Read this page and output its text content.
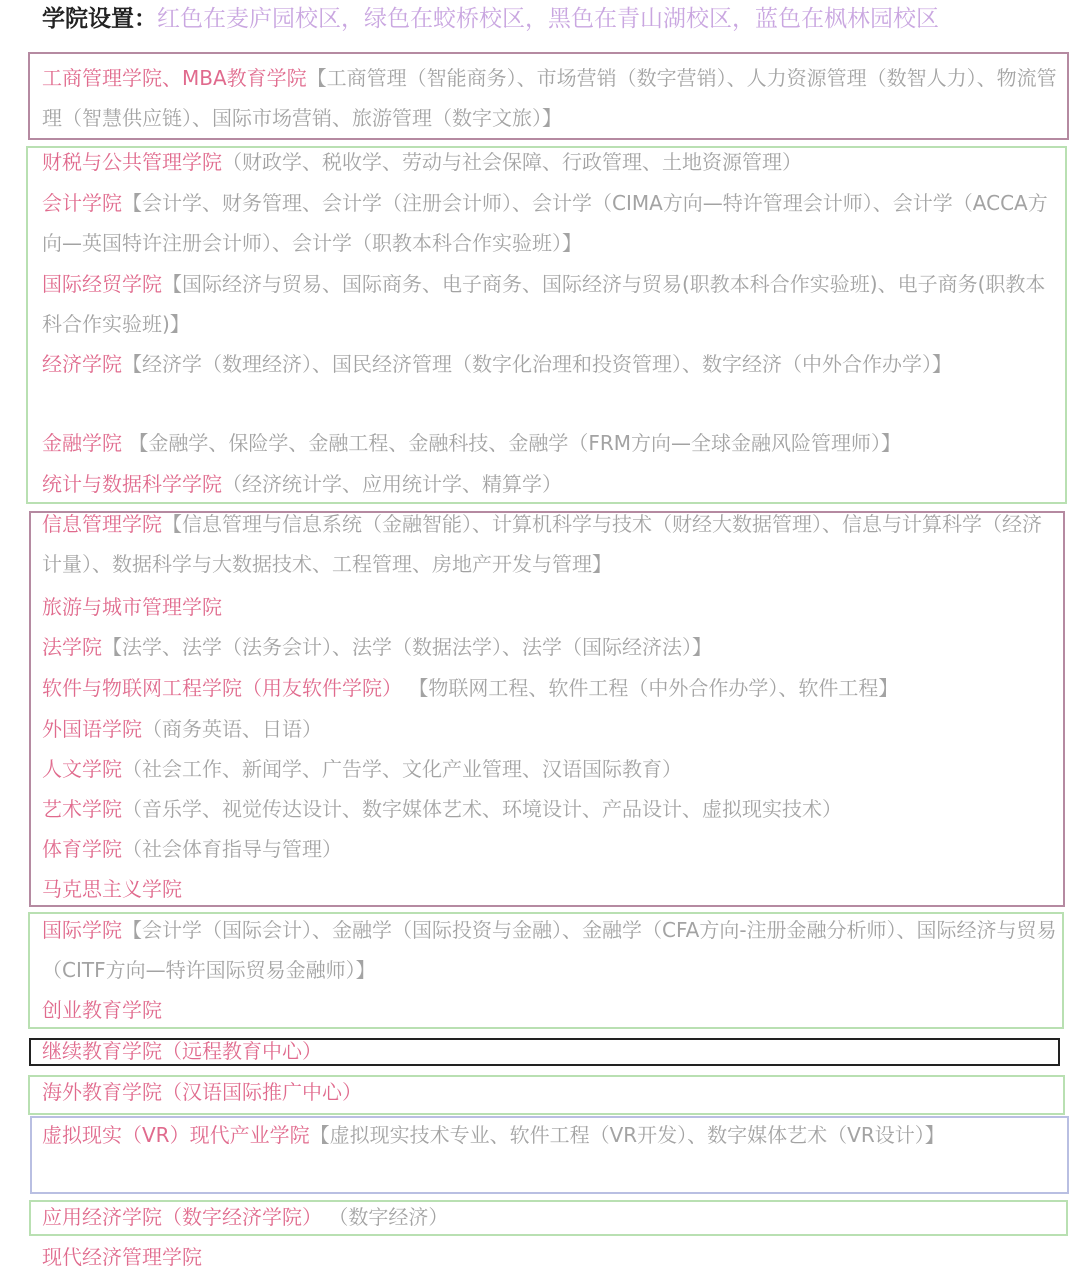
学院设置：红色在麦庐园校区，绿色在蛟桥校区，黑色在青山湖校区，蓝色在枫林园校区
工商管理学院、MBA教育学院【工商管理（智能商务）、市场营销（数字营销）、人力资源管理（数智人力）、物流管理（智慧供应链）、国际市场营销、旅游管理（数字文旅）】
财税与公共管理学院（财政学、税收学、劳动与社会保障、行政管理、土地资源管理）
会计学院【会计学、财务管理、会计学（注册会计师）、会计学（CIMA方向—特许管理会计师）、会计学（ACCA方向—英国特许注册会计师）、会计学（职教本科合作实验班）】
国际经贸学院【国际经济与贸易、国际商务、电子商务、国际经济与贸易(职教本科合作实验班)、电子商务(职教本科合作实验班)】
经济学院【经济学（数理经济）、国民经济管理（数字化治理和投资管理）、数字经济（中外合作办学）】
金融学院 【金融学、保险学、金融工程、金融科技、金融学（FRM方向—全球金融风险管理师）】
统计与数据科学学院（经济统计学、应用统计学、精算学）
信息管理学院【信息管理与信息系统（金融智能）、计算机科学与技术（财经大数据管理）、信息与计算科学（经济计量）、数据科学与大数据技术、工程管理、房地产开发与管理】
旅游与城市管理学院
法学院【法学、法学（法务会计）、法学（数据法学）、法学（国际经济法）】
软件与物联网工程学院（用友软件学院） 【物联网工程、软件工程（中外合作办学）、软件工程】
外国语学院（商务英语、日语）
人文学院（社会工作、新闻学、广告学、文化产业管理、汉语国际教育）
艺术学院（音乐学、视觉传达设计、数字媒体艺术、环境设计、产品设计、虚拟现实技术）
体育学院（社会体育指导与管理）
马克思主义学院
国际学院【会计学（国际会计）、金融学（国际投资与金融）、金融学（CFA方向-注册金融分析师）、国际经济与贸易（CITF方向—特许国际贸易金融师）】
创业教育学院
继续教育学院（远程教育中心）
海外教育学院（汉语国际推广中心）
虚拟现实（VR）现代产业学院【虚拟现实技术专业、软件工程（VR开发）、数字媒体艺术（VR设计）】
应用经济学院（数字经济学院） （数字经济）
现代经济管理学院
